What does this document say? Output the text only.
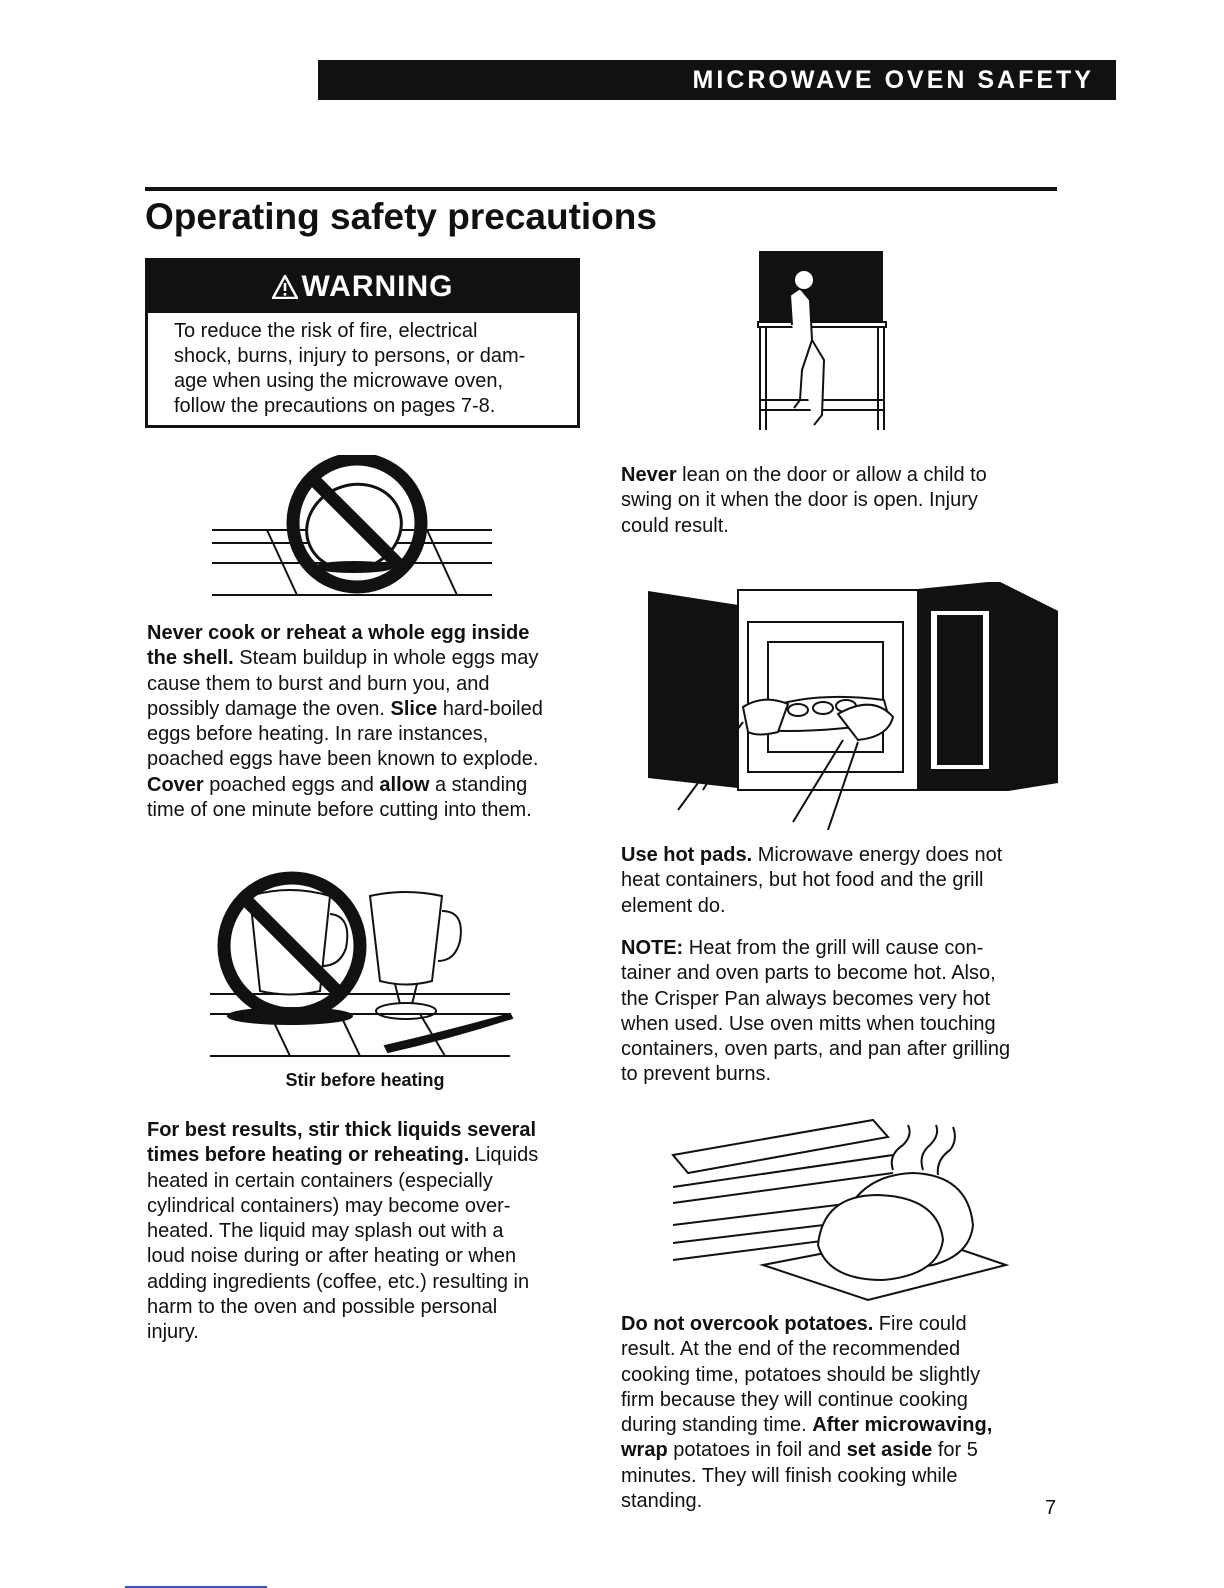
MICROWAVE OVEN SAFETY
Operating safety precautions
WARNING
To reduce the risk of fire, electrical
shock, burns, injury to persons, or dam-
age when using the microwave oven,
follow the precautions on pages 7-8.

Never cook or reheat a whole egg inside
the shell. Steam buildup in whole eggs may
cause them to burst and burn you, and
possibly damage the oven. Slice hard-boiled
eggs before heating. In rare instances,
poached eggs have been known to explode.
Cover poached eggs and allow a standing
time of one minute before cutting into them.

Stir before heating

For best results, stir thick liquids several
times before heating or reheating. Liquids
heated in certain containers (especially
cylindrical containers) may become over-
heated. The liquid may splash out with a
loud noise during or after heating or when
adding ingredients (coffee, etc.) resulting in
harm to the oven and possible personal
injury.

Never lean on the door or allow a child to
swing on it when the door is open. Injury
could result.

Use hot pads. Microwave energy does not
heat containers, but hot food and the grill
element do.

NOTE: Heat from the grill will cause con-
tainer and oven parts to become hot. Also,
the Crisper Pan always becomes very hot
when used. Use oven mitts when touching
containers, oven parts, and pan after grilling
to prevent burns.

Do not overcook potatoes. Fire could
result. At the end of the recommended
cooking time, potatoes should be slightly
firm because they will continue cooking
during standing time. After microwaving,
wrap potatoes in foil and set aside for 5
minutes. They will finish cooking while
standing.	7
